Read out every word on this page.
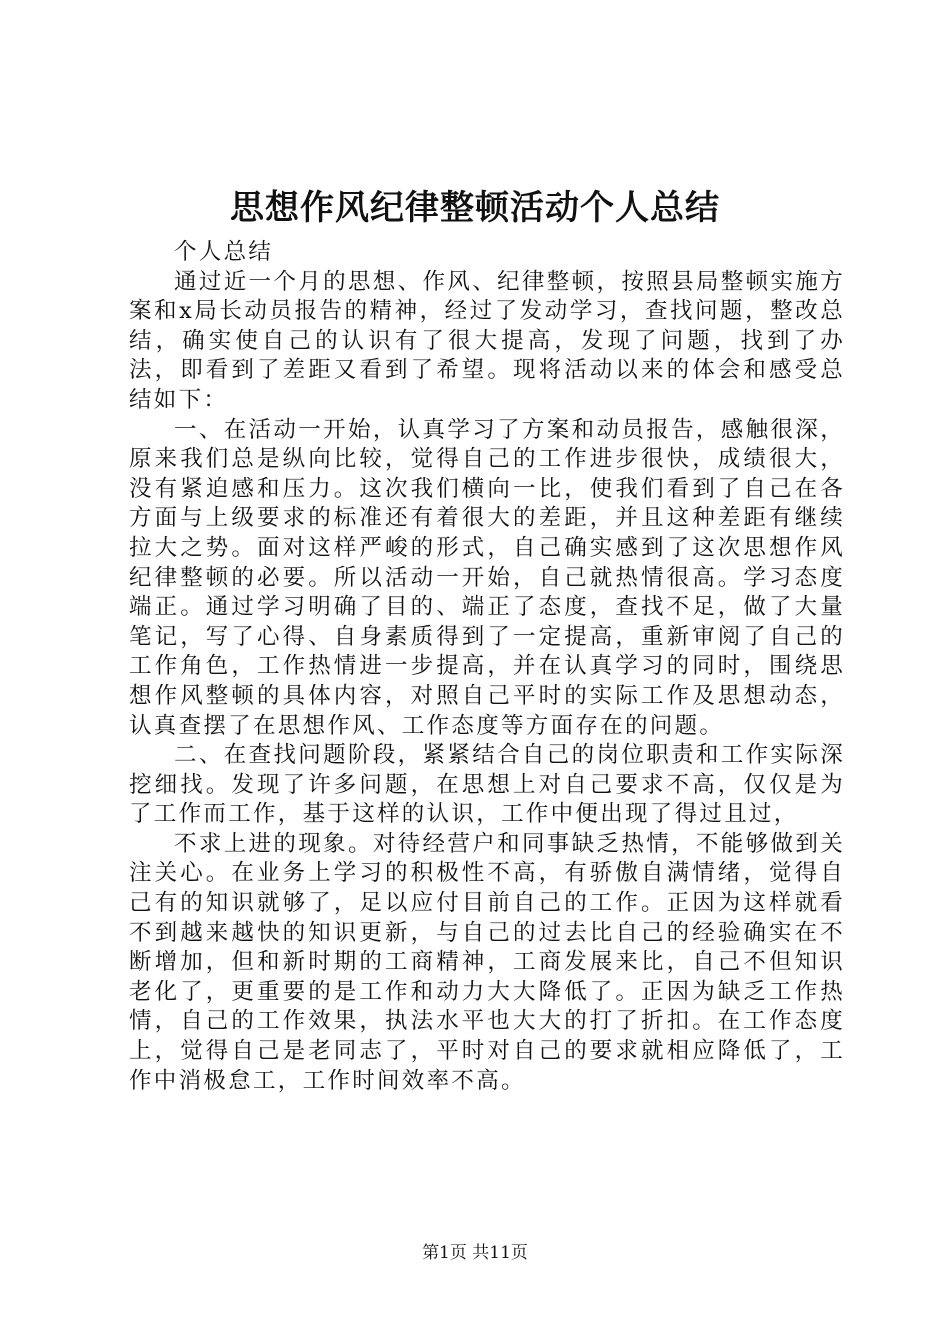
思想作风纪律整顿活动个人总结

个人总结

通过近一个月的思想、作风、纪律整顿，按照县局整顿实施方案和x局长动员报告的精神，经过了发动学习，查找问题，整改总结，确实使自己的认识有了很大提高，发现了问题，找到了办法，即看到了差距又看到了希望。现将活动以来的体会和感受总结如下：

一、在活动一开始，认真学习了方案和动员报告，感触很深，原来我们总是纵向比较，觉得自己的工作进步很快，成绩很大，没有紧迫感和压力。这次我们横向一比，使我们看到了自己在各方面与上级要求的标准还有着很大的差距，并且这种差距有继续拉大之势。面对这样严峻的形式，自己确实感到了这次思想作风纪律整顿的必要。所以活动一开始，自己就热情很高。学习态度端正。通过学习明确了目的、端正了态度，查找不足，做了大量笔记，写了心得、自身素质得到了一定提高，重新审阅了自己的工作角色，工作热情进一步提高，并在认真学习的同时，围绕思想作风整顿的具体内容，对照自己平时的实际工作及思想动态，认真查摆了在思想作风、工作态度等方面存在的问题。

二、在查找问题阶段，紧紧结合自己的岗位职责和工作实际深挖细找。发现了许多问题，在思想上对自己要求不高，仅仅是为了工作而工作，基于这样的认识，工作中便出现了得过且过，

不求上进的现象。对待经营户和同事缺乏热情，不能够做到关注关心。在业务上学习的积极性不高，有骄傲自满情绪，觉得自己有的知识就够了，足以应付目前自己的工作。正因为这样就看不到越来越快的知识更新，与自己的过去比自己的经验确实在不断增加，但和新时期的工商精神，工商发展来比，自己不但知识老化了，更重要的是工作和动力大大降低了。正因为缺乏工作热情，自己的工作效果，执法水平也大大的打了折扣。在工作态度上，觉得自己是老同志了，平时对自己的要求就相应降低了，工作中消极怠工，工作时间效率不高。

第1页 共11页
